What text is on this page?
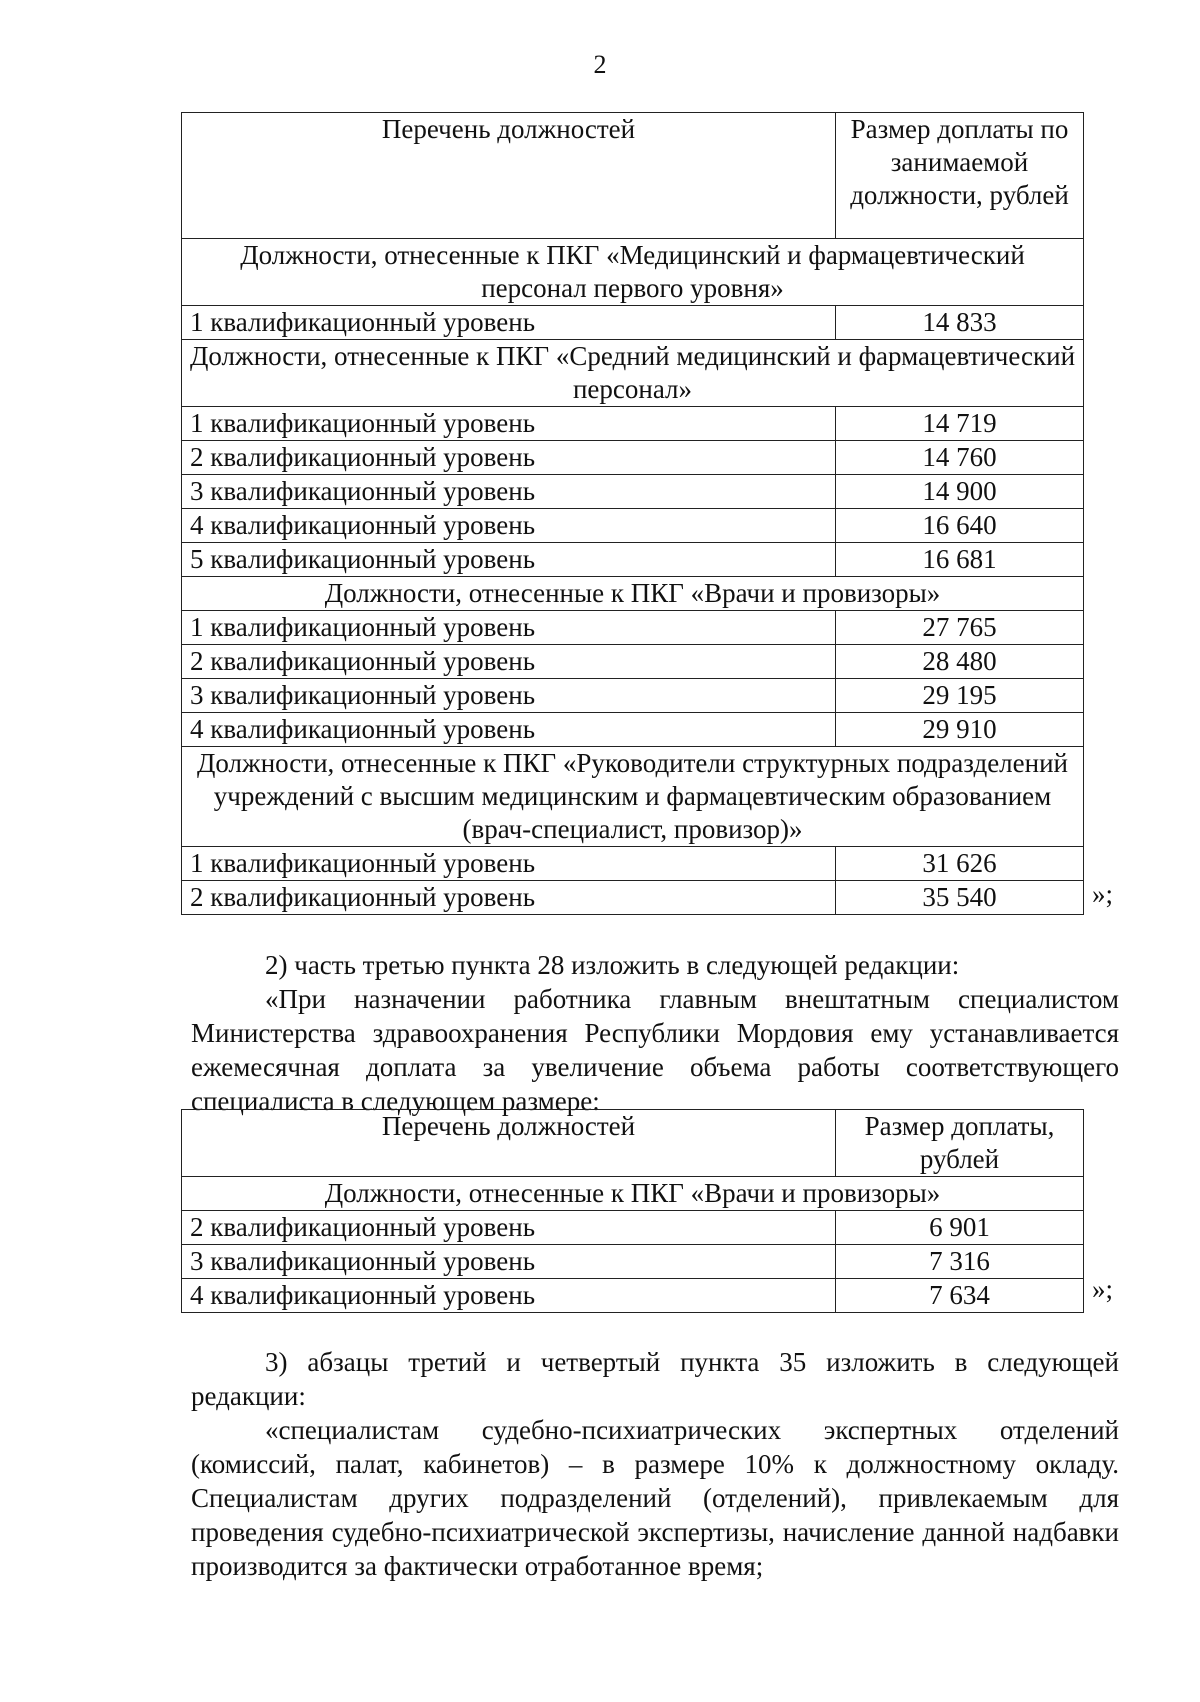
2
Перечень должностей	Размер доплаты по занимаемой должности, рублей
Должности, отнесенные к ПКГ «Медицинский и фармацевтический персонал первого уровня»	
1 квалификационный уровень	14 833
Должности, отнесенные к ПКГ «Средний медицинский и фармацевтический персонал»	
1 квалификационный уровень	14 719
2 квалификационный уровень	14 760
3 квалификационный уровень	14 900
4 квалификационный уровень	16 640
5 квалификационный уровень	16 681
Должности, отнесенные к ПКГ «Врачи и провизоры»	
1 квалификационный уровень	27 765
2 квалификационный уровень	28 480
3 квалификационный уровень	29 195
4 квалификационный уровень	29 910
Должности, отнесенные к ПКГ «Руководители структурных подразделений учреждений с высшим медицинским и фармацевтическим образованием (врач-специалист, провизор)»	
1 квалификационный уровень	31 626
2 квалификационный уровень	35 540	»;
2) часть третью пункта 28 изложить в следующей редакции:
«При назначении работника главным внештатным специалистом Министерства здравоохранения Республики Мордовия ему устанавливается ежемесячная доплата за увеличение объема работы соответствующего специалиста в следующем размере:
Перечень должностей	Размер доплаты, рублей
Должности, отнесенные к ПКГ «Врачи и провизоры»	
2 квалификационный уровень	6 901
3 квалификационный уровень	7 316
4 квалификационный уровень	7 634	»;
3) абзацы третий и четвертый пункта 35 изложить в следующей редакции:
«специалистам судебно-психиатрических экспертных отделений (комиссий, палат, кабинетов) – в размере 10% к должностному окладу. Специалистам других подразделений (отделений), привлекаемым для проведения судебно-психиатрической экспертизы, начисление данной надбавки производится за фактически отработанное время;
